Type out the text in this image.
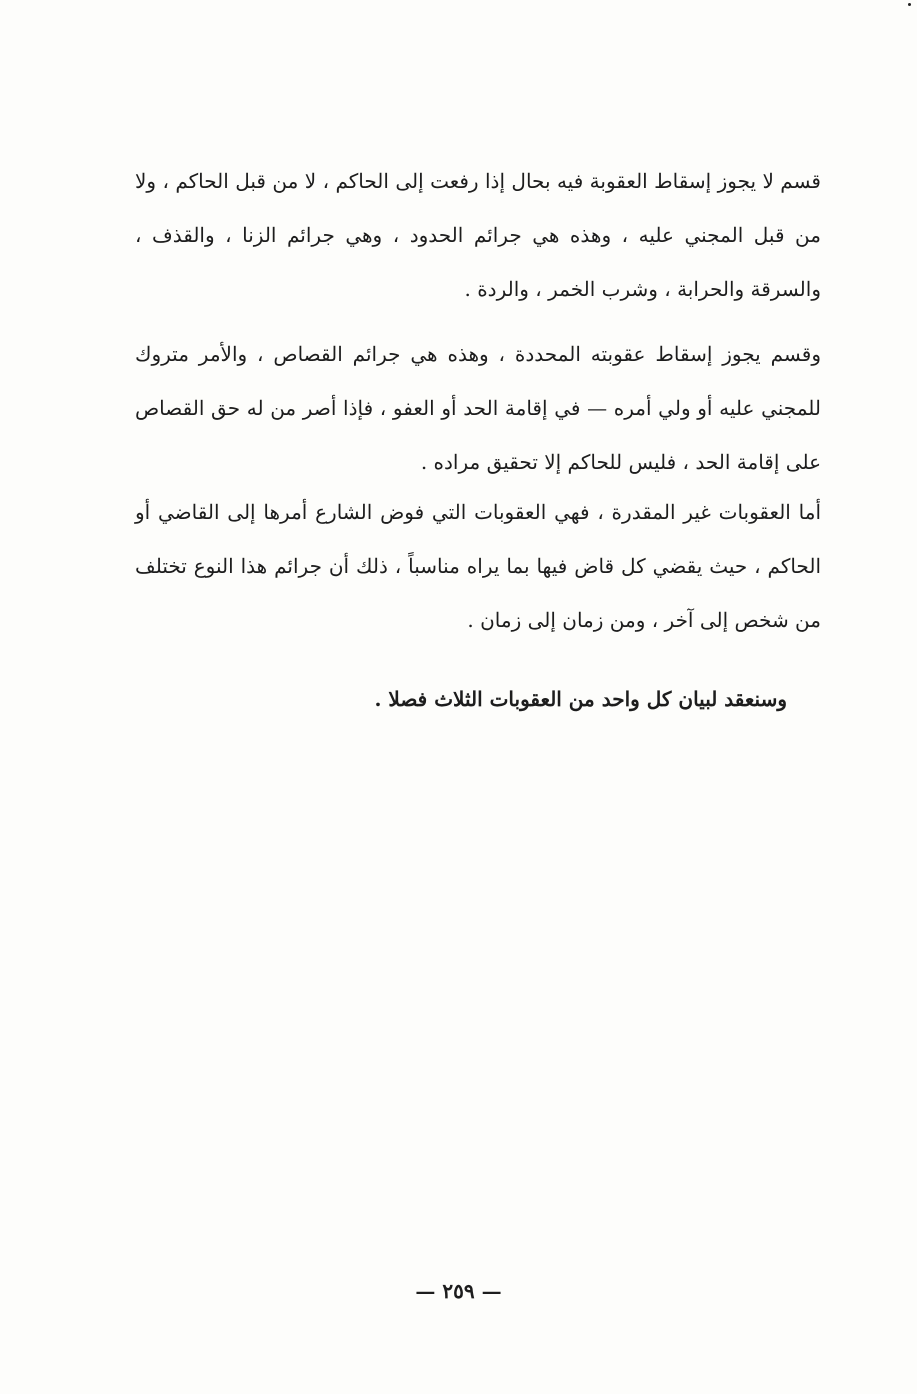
قسم لا يجوز إسقاط العقوبة فيه بحال إذا رفعت إلى الحاكم ، لا من قبل الحاكم ، ولا من قبل المجني عليه ، وهذه هي جرائم الحدود ، وهي جرائم الزنا ، والقذف ، والسرقة والحرابة ، وشرب الخمر ، والردة .

وقسم يجوز إسقاط عقوبته المحددة ، وهذه هي جرائم القصاص ، والأمر متروك للمجني عليه أو ولي أمره — في إقامة الحد أو العفو ، فإذا أصر من له حق القصاص على إقامة الحد ، فليس للحاكم إلا تحقيق مراده .

أما العقوبات غير المقدرة ، فهي العقوبات التي فوض الشارع أمرها إلى القاضي أو الحاكم ، حيث يقضي كل قاض فيها بما يراه مناسباً ، ذلك أن جرائم هذا النوع تختلف من شخص إلى آخر ، ومن زمان إلى زمان .

وسنعقد لبيان كل واحد من العقوبات الثلاث فصلا .

— ٢٥٩ —
